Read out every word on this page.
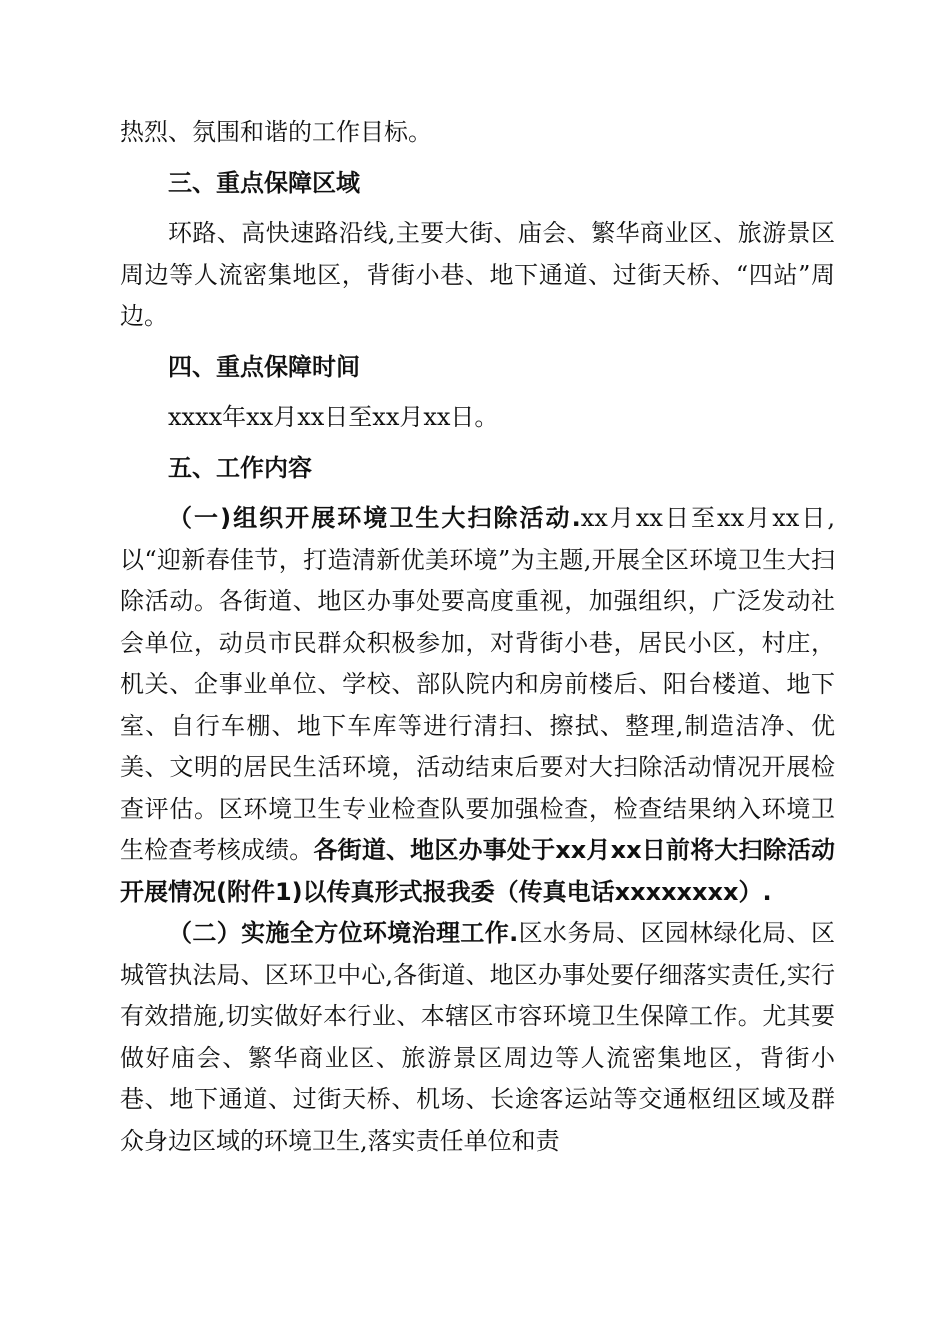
热烈、氛围和谐的工作目标。

三、重点保障区域

环路、高快速路沿线,主要大街、庙会、繁华商业区、旅游景区周边等人流密集地区，背街小巷、地下通道、过街天桥、“四站”周边。

四、重点保障时间

xxxx年xx月xx日至xx月xx日。

五、工作内容

（一)组织开展环境卫生大扫除活动.xx月xx日至xx月xx日,以“迎新春佳节，打造清新优美环境”为主题,开展全区环境卫生大扫除活动。各街道、地区办事处要高度重视，加强组织，广泛发动社会单位，动员市民群众积极参加，对背街小巷，居民小区，村庄，机关、企事业单位、学校、部队院内和房前楼后、阳台楼道、地下室、自行车棚、地下车库等进行清扫、擦拭、整理,制造洁净、优美、文明的居民生活环境，活动结束后要对大扫除活动情况开展检查评估。区环境卫生专业检查队要加强检查，检查结果纳入环境卫生检查考核成绩。各街道、地区办事处于xx月xx日前将大扫除活动开展情况(附件1)以传真形式报我委（传真电话xxxxxxxx）.

（二）实施全方位环境治理工作.区水务局、区园林绿化局、区城管执法局、区环卫中心,各街道、地区办事处要仔细落实责任,实行有效措施,切实做好本行业、本辖区市容环境卫生保障工作。尤其要做好庙会、繁华商业区、旅游景区周边等人流密集地区，背街小巷、地下通道、过街天桥、机场、长途客运站等交通枢纽区域及群众身边区域的环境卫生,落实责任单位和责
